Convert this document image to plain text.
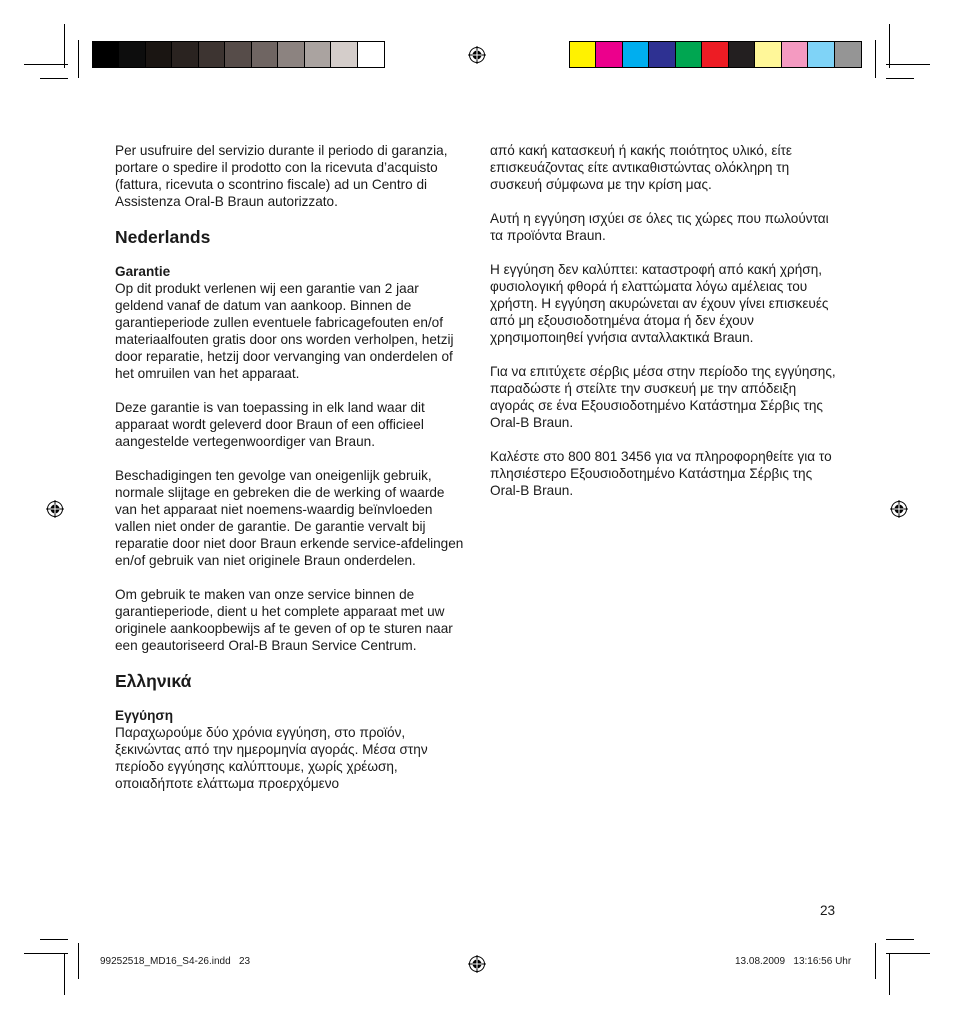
Per usufruire del servizio durante il periodo di garanzia, portare o spedire il prodotto con la ricevuta d’acquisto (fattura, ricevuta o scontrino fiscale) ad un Centro di Assistenza Oral-B Braun autorizzato.

Nederlands
Garantie

Op dit produkt verlenen wij een garantie van 2 jaar geldend vanaf de datum van aankoop. Binnen de garantieperiode zullen eventuele fabricagefouten en/of materiaalfouten gratis door ons worden verholpen, hetzij door reparatie, hetzij door vervanging van onderdelen of het omruilen van het apparaat.

Deze garantie is van toepassing in elk land waar dit apparaat wordt geleverd door Braun of een officieel aangestelde vertegenwoordiger van Braun.

Beschadigingen ten gevolge van oneigenlijk gebruik, normale slijtage en gebreken die de werking of waarde van het apparaat niet noemens-waardig beïnvloeden vallen niet onder de garantie. De garantie vervalt bij reparatie door niet door Braun erkende service-afdelingen en/of gebruik van niet originele Braun onderdelen.

Om gebruik te maken van onze service binnen de garantieperiode, dient u het complete apparaat met uw originele aankoopbewijs af te geven of op te sturen naar een geautoriseerd Oral-B Braun Service Centrum.

Ελληνικά
Εγγύηση

Παραχωρούμε δύο χρόνια εγγύηση, στο προϊόν, ξεκινώντας από την ημερομηνία αγοράς. Μέσα στην περίοδο εγγύησης καλύπτουμε, χωρίς χρέωση, οποιαδήποτε ελάττωμα προερχόμενο

από κακή κατασκευή ή κακής ποιότητος υλικό, είτε επισκευάζοντας είτε αντικαθιστώντας ολόκληρη τη συσκευή σύμφωνα με την κρίση μας.

Αυτή η εγγύηση ισχύει σε όλες τις χώρες που πωλούνται τα προϊόντα Braun.

Η εγγύηση δεν καλύπτει: καταστροφή από κακή χρήση, φυσιολογική φθορά ή ελαττώματα λόγω αμέλειας του χρήστη. Η εγγύηση ακυρώνεται αν έχουν γίνει επισκευές από μη εξουσιοδοτημένα άτομα ή δεν έχουν χρησιμοποιηθεί γνήσια ανταλλακτικά Braun.

Για να επιτύχετε σέρβις μέσα στην περίοδο της εγγύησης, παραδώστε ή στείλτε την συσκευή με την απόδειξη αγοράς σε ένα Εξουσιοδοτημένο Κατάστημα Σέρβις της Oral-B Braun.

Καλέστε στο 800 801 3456 για να πληροφορηθείτε για το πλησιέστερο Εξουσιοδοτημένο Κατάστημα Σέρβις της Oral-B Braun.

23
99252518_MD16_S4-26.indd   23	13.08.2009   13:16:56 Uhr
